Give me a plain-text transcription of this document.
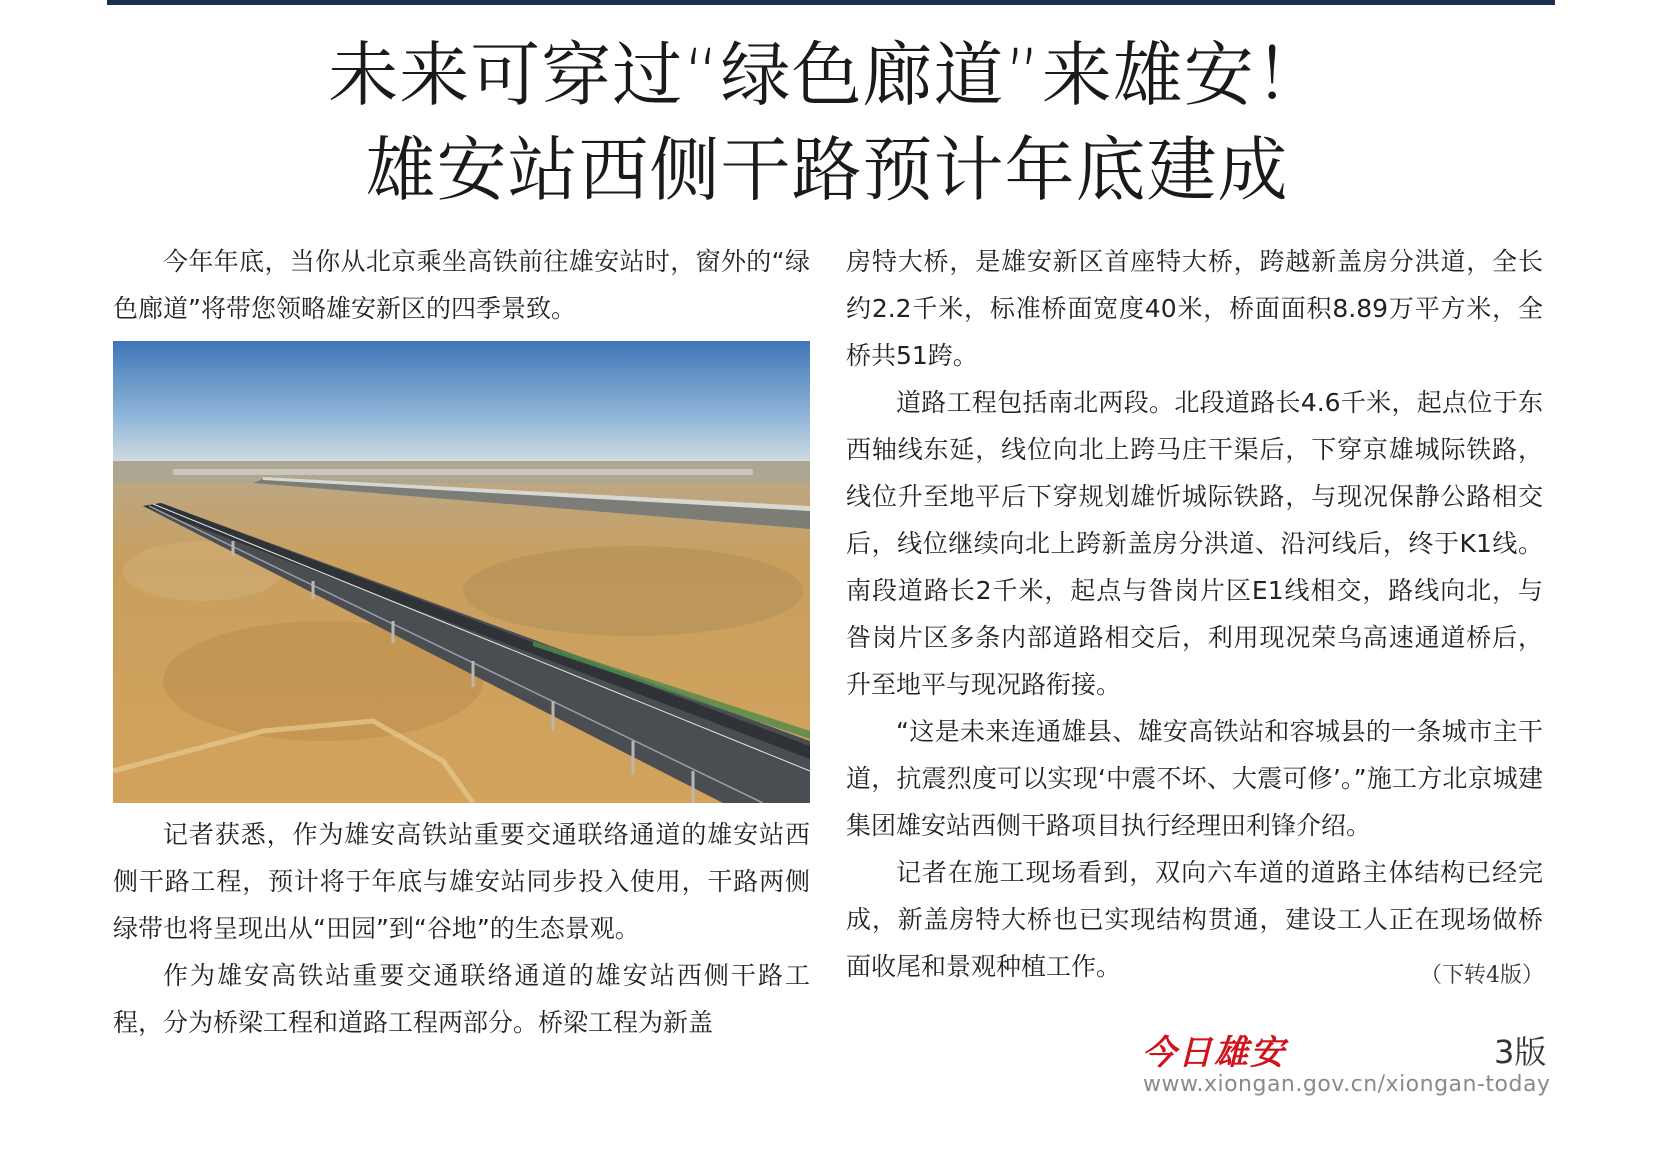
未来可穿过“绿色廊道”来雄安！
雄安站西侧干路预计年底建成

今年年底，当你从北京乘坐高铁前往雄安站时，窗外的“绿色廊道”将带您领略雄安新区的四季景致。

记者获悉，作为雄安高铁站重要交通联络通道的雄安站西侧干路工程，预计将于年底与雄安站同步投入使用，干路两侧绿带也将呈现出从“田园”到“谷地”的生态景观。

作为雄安高铁站重要交通联络通道的雄安站西侧干路工程，分为桥梁工程和道路工程两部分。桥梁工程为新盖

房特大桥，是雄安新区首座特大桥，跨越新盖房分洪道，全长约2.2千米，标准桥面宽度40米，桥面面积8.89万平方米，全桥共51跨。

道路工程包括南北两段。北段道路长4.6千米，起点位于东西轴线东延，线位向北上跨马庄干渠后，下穿京雄城际铁路，线位升至地平后下穿规划雄忻城际铁路，与现况保静公路相交后，线位继续向北上跨新盖房分洪道、沿河线后，终于K1线。南段道路长2千米，起点与昝岗片区E1线相交，路线向北，与昝岗片区多条内部道路相交后，利用现况荣乌高速通道桥后，升至地平与现况路衔接。

“这是未来连通雄县、雄安高铁站和容城县的一条城市主干道，抗震烈度可以实现‘中震不坏、大震可修’。”施工方北京城建集团雄安站西侧干路项目执行经理田利锋介绍。

记者在施工现场看到，双向六车道的道路主体结构已经完成，新盖房特大桥也已实现结构贯通，建设工人正在现场做桥面收尾和景观种植工作。	（下转4版）
今日雄安	3版
www.xiongan.gov.cn/xiongan-today
